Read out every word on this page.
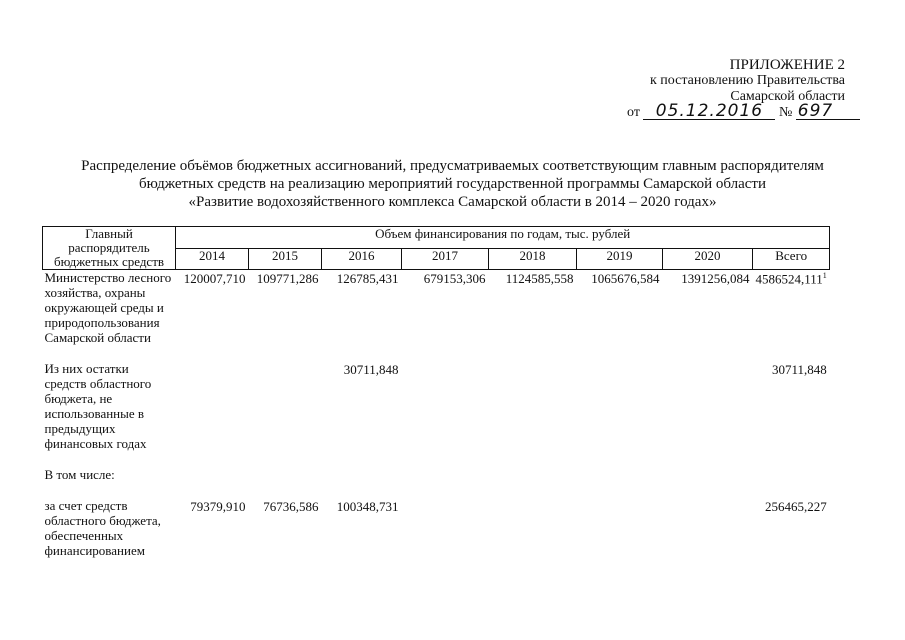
ПРИЛОЖЕНИЕ 2
к постановлению Правительства
Самарской области
от 05.12.2016 № 697
Распределение объёмов бюджетных ассигнований, предусматриваемых соответствующим главным распорядителям
бюджетных средств на реализацию мероприятий государственной программы Самарской области
«Развитие водохозяйственного комплекса Самарской области в 2014 – 2020 годах»
Главный распорядитель бюджетных средств	Объем финансирования по годам, тыс. рублей							
	2014	2015	2016	2017	2018	2019	2020	Всего
Министерство лесного хозяйства, охраны окружающей среды и природопользования Самарской области	120007,710	109771,286	126785,431	679153,306	1124585,558	1065676,584	1391256,084	4586524,111$^1$

Из них остатки средств областного бюджета, не использованные в предыдущих финансовых годах			30711,848					30711,848

В том числе:								

за счет средств областного бюджета, обеспеченных финансированием	79379,910	76736,586	100348,731					256465,227
